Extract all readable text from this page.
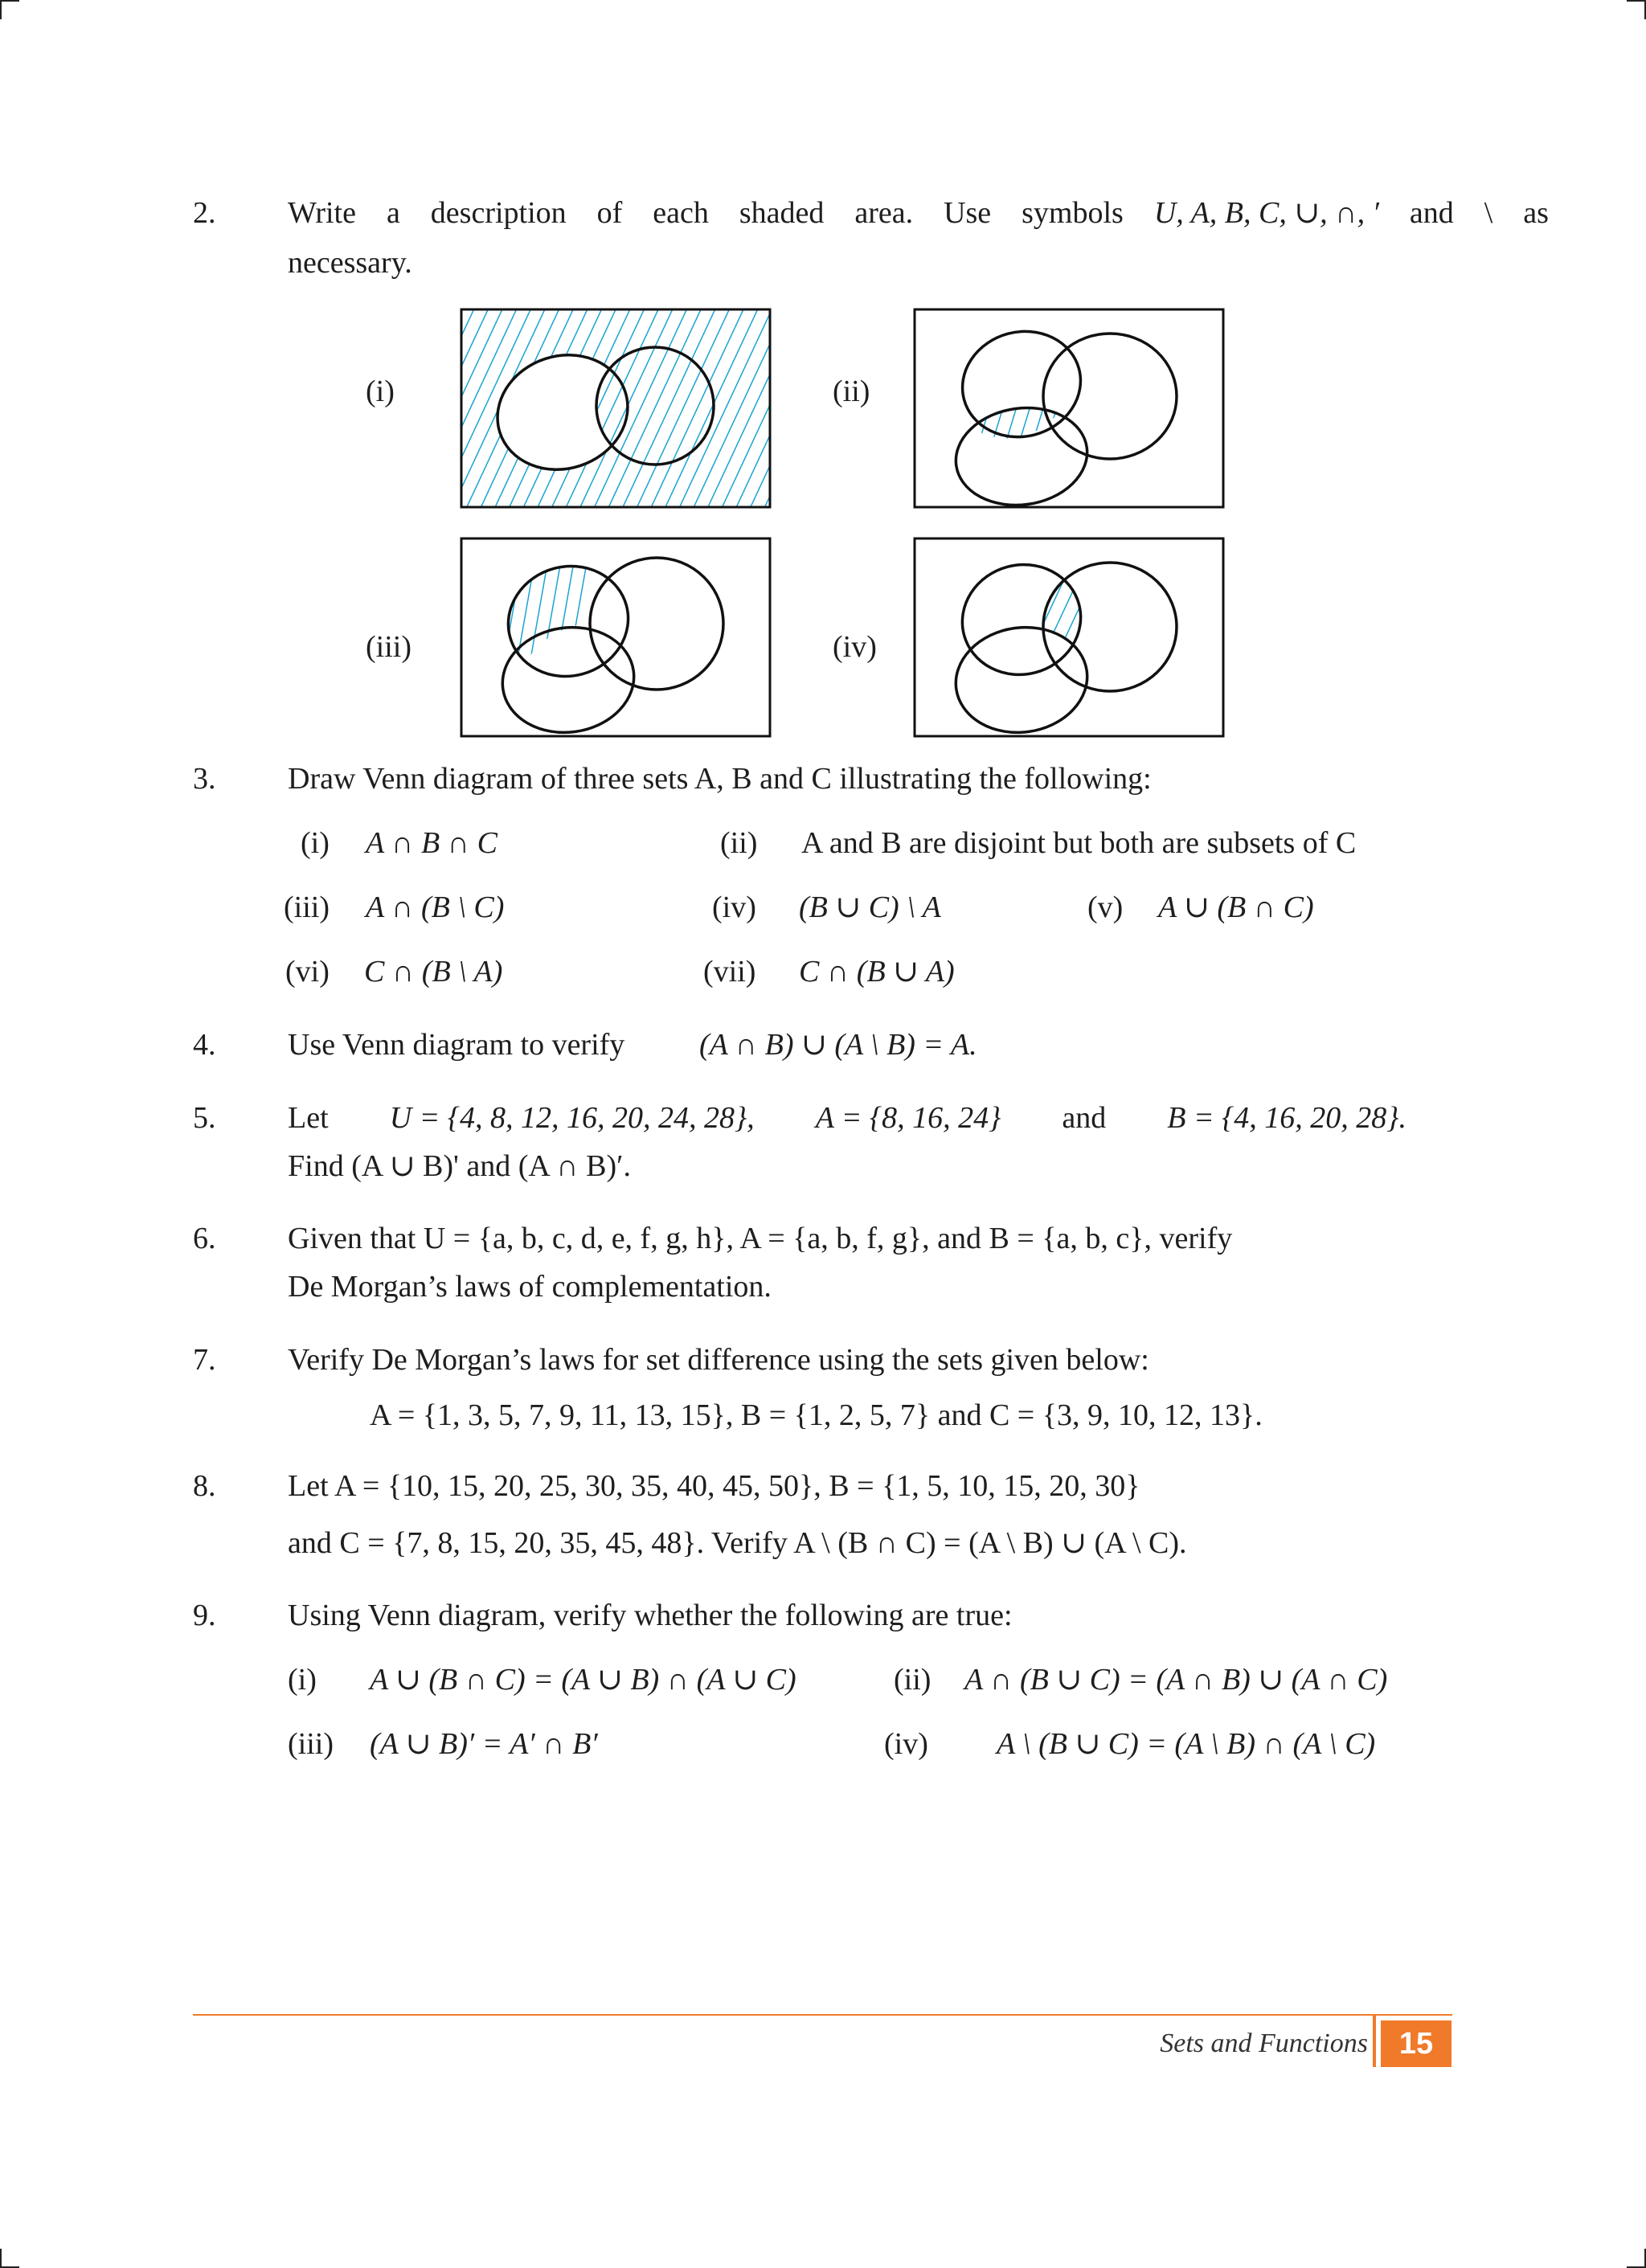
2. Write a description of each shaded area. Use symbols U, A, B, C, ∪, ∩, ′ and \ as
necessary.
(i)	(ii)
(iii)	(iv)
3. Draw Venn diagram of three sets A, B and C illustrating the following:
(i) A ∩ B ∩ C	(ii) A and B are disjoint but both are subsets of C
(iii) A ∩ (B \ C)	(iv) (B ∪ C) \ A	(v) A ∪ (B ∩ C)
(vi) C ∩ (B \ A)	(vii) C ∩ (B ∪ A)
4. Use Venn diagram to verify (A ∩ B) ∪ (A \ B) = A.
5. Let U = {4, 8, 12, 16, 20, 24, 28}, A = {8, 16, 24} and B = {4, 16, 20, 28}.
Find (A ∪ B)' and (A ∩ B)′.
6. Given that U = {a, b, c, d, e, f, g, h}, A = {a, b, f, g}, and B = {a, b, c}, verify
De Morgan’s laws of complementation.
7. Verify De Morgan’s laws for set difference using the sets given below:
A = {1, 3, 5, 7, 9, 11, 13, 15}, B = {1, 2, 5, 7} and C = {3, 9, 10, 12, 13}.
8. Let A = {10, 15, 20, 25, 30, 35, 40, 45, 50}, B = {1, 5, 10, 15, 20, 30}
and C = {7, 8, 15, 20, 35, 45, 48}. Verify A \ (B ∩ C) = (A \ B) ∪ (A \ C).
9. Using Venn diagram, verify whether the following are true:
(i) A ∪ (B ∩ C) = (A ∪ B) ∩ (A ∪ C)	(ii) A ∩ (B ∪ C) = (A ∩ B) ∪ (A ∩ C)
(iii) (A ∪ B)′ = A′ ∩ B′	(iv) A \ (B ∪ C) = (A \ B) ∩ (A \ C)
Sets and Functions	15
